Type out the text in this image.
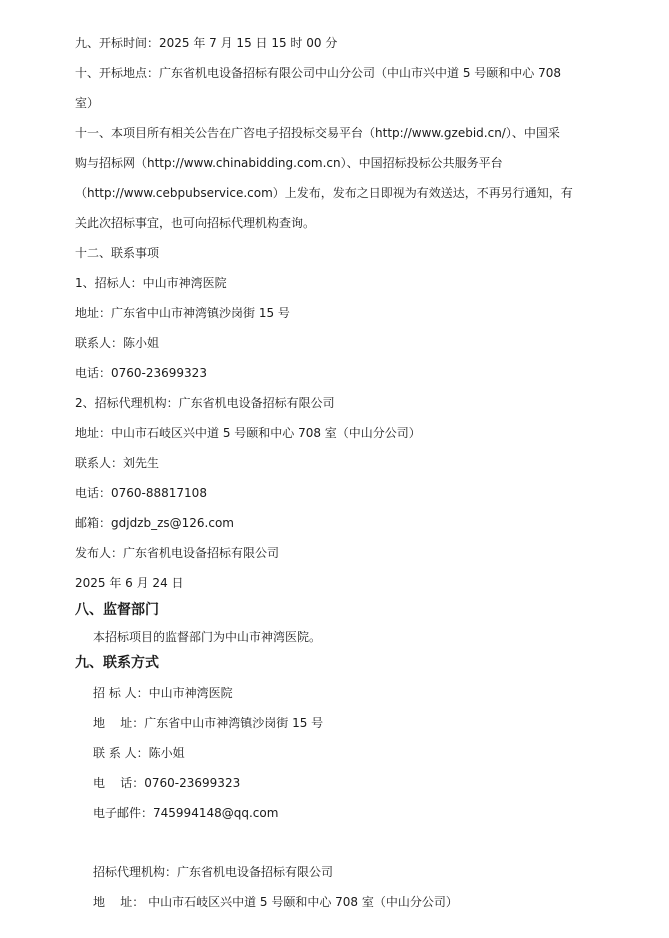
九、开标时间：2025 年 7 月 15 日 15 时 00 分
十、开标地点：广东省机电设备招标有限公司中山分公司（中山市兴中道 5 号颐和中心 708
室）
十一、本项目所有相关公告在广咨电子招投标交易平台（http://www.gzebid.cn/）、中国采
购与招标网（http://www.chinabidding.com.cn）、中国招标投标公共服务平台
（http://www.cebpubservice.com）上发布，发布之日即视为有效送达，不再另行通知，有
关此次招标事宜，也可向招标代理机构查询。
十二、联系事项
1、招标人：中山市神湾医院
地址：广东省中山市神湾镇沙岗街 15 号
联系人：陈小姐
电话：0760-23699323
2、招标代理机构：广东省机电设备招标有限公司
地址：中山市石岐区兴中道 5 号颐和中心 708 室（中山分公司）
联系人：刘先生
电话：0760-88817108
邮箱：gdjdzb_zs@126.com
发布人：广东省机电设备招标有限公司
2025 年 6 月 24 日
八、监督部门
本招标项目的监督部门为中山市神湾医院。
九、联系方式
招 标 人：中山市神湾医院
地    址：广东省中山市神湾镇沙岗街 15 号
联 系 人：陈小姐
电    话：0760-23699323
电子邮件：745994148@qq.com
招标代理机构：广东省机电设备招标有限公司
地    址： 中山市石岐区兴中道 5 号颐和中心 708 室（中山分公司）
